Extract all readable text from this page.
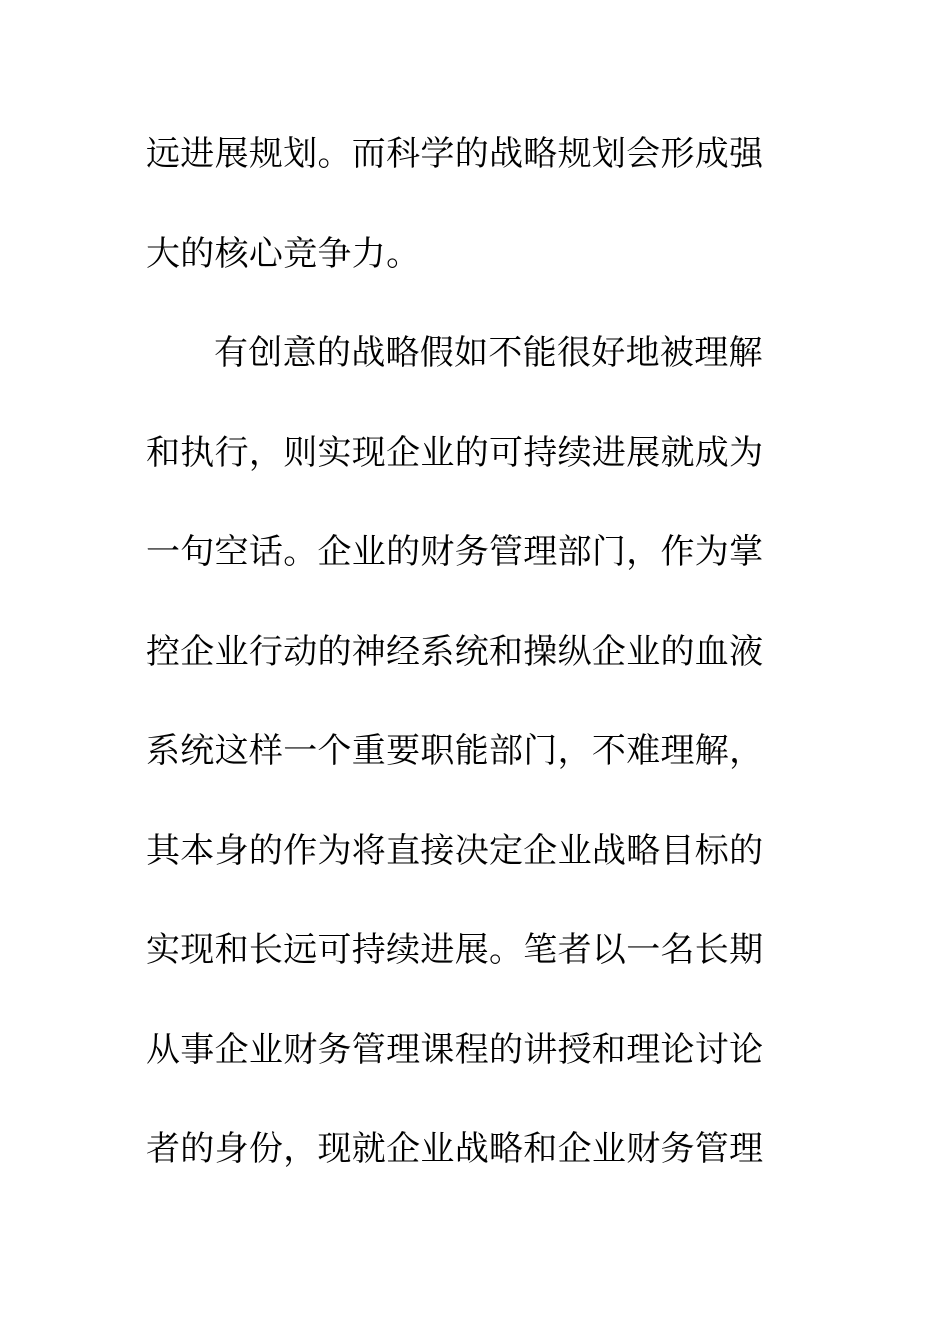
远进展规划。而科学的战略规划会形成强
大的核心竞争力。
有创意的战略假如不能很好地被理解
和执行，则实现企业的可持续进展就成为
一句空话。企业的财务管理部门，作为掌
控企业行动的神经系统和操纵企业的血液
系统这样一个重要职能部门，不难理解，
其本身的作为将直接决定企业战略目标的
实现和长远可持续进展。笔者以一名长期
从事企业财务管理课程的讲授和理论讨论
者的身份，现就企业战略和企业财务管理
